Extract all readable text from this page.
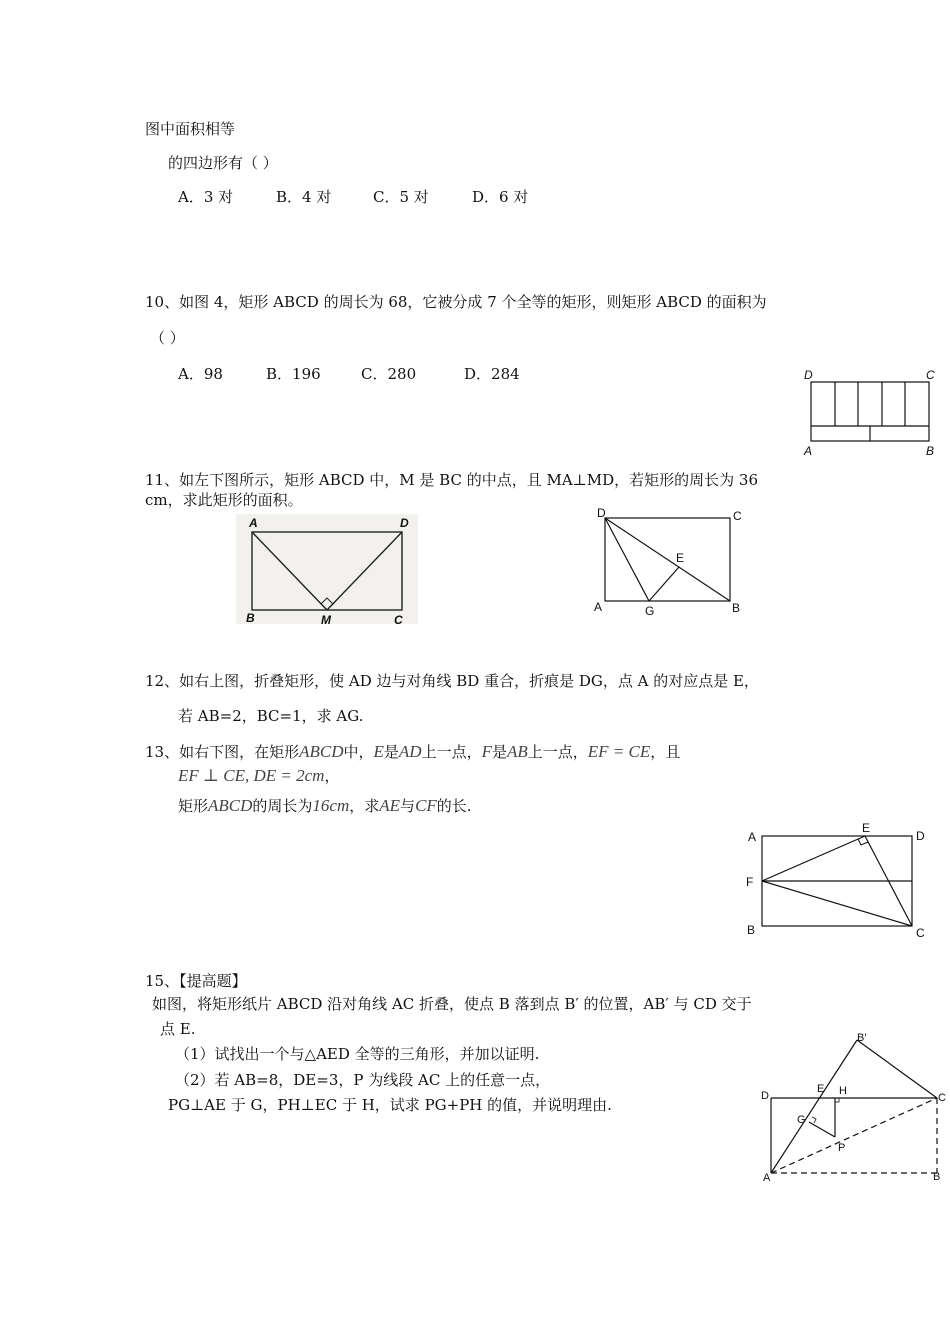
图中面积相等
的四边形有（ ）
A．3 对	B．4 对	C．5 对	D．6 对
10、如图 4，矩形 ABCD 的周长为 68，它被分成 7 个全等的矩形，则矩形 ABCD 的面积为
（ ）
A．98	B．196	C．280	D．284	D	C
A	B
11、如左下图所示，矩形 ABCD 中，M 是 BC 的中点，且 MA⊥MD，若矩形的周长为 36
cm，求此矩形的面积。
A	D
B	M	C
D	C
E
A	G	B
12、如右上图，折叠矩形，使 AD 边与对角线 BD 重合，折痕是 DG，点 A 的对应点是 E，
若 AB=2，BC=1，求 AG.
13、如右下图，在矩形ABCD中，E是AD上一点，F是AB上一点，EF = CE，且
EF ⊥ CE, DE = 2cm，
矩形ABCD的周长为16cm，求AE与CF的长.
A
E
D
F
B	C
15、【提高题】
如图，将矩形纸片 ABCD 沿对角线 AC 折叠，使点 B 落到点 B′ 的位置，AB′ 与 CD 交于
点 E.
（1）试找出一个与△AED 全等的三角形，并加以证明.
（2）若 AB=8，DE=3，P 为线段 AC 上的任意一点，
PG⊥AE 于 G，PH⊥EC 于 H，试求 PG+PH 的值，并说明理由.
B′
D
E H
C
G
P
A	B
